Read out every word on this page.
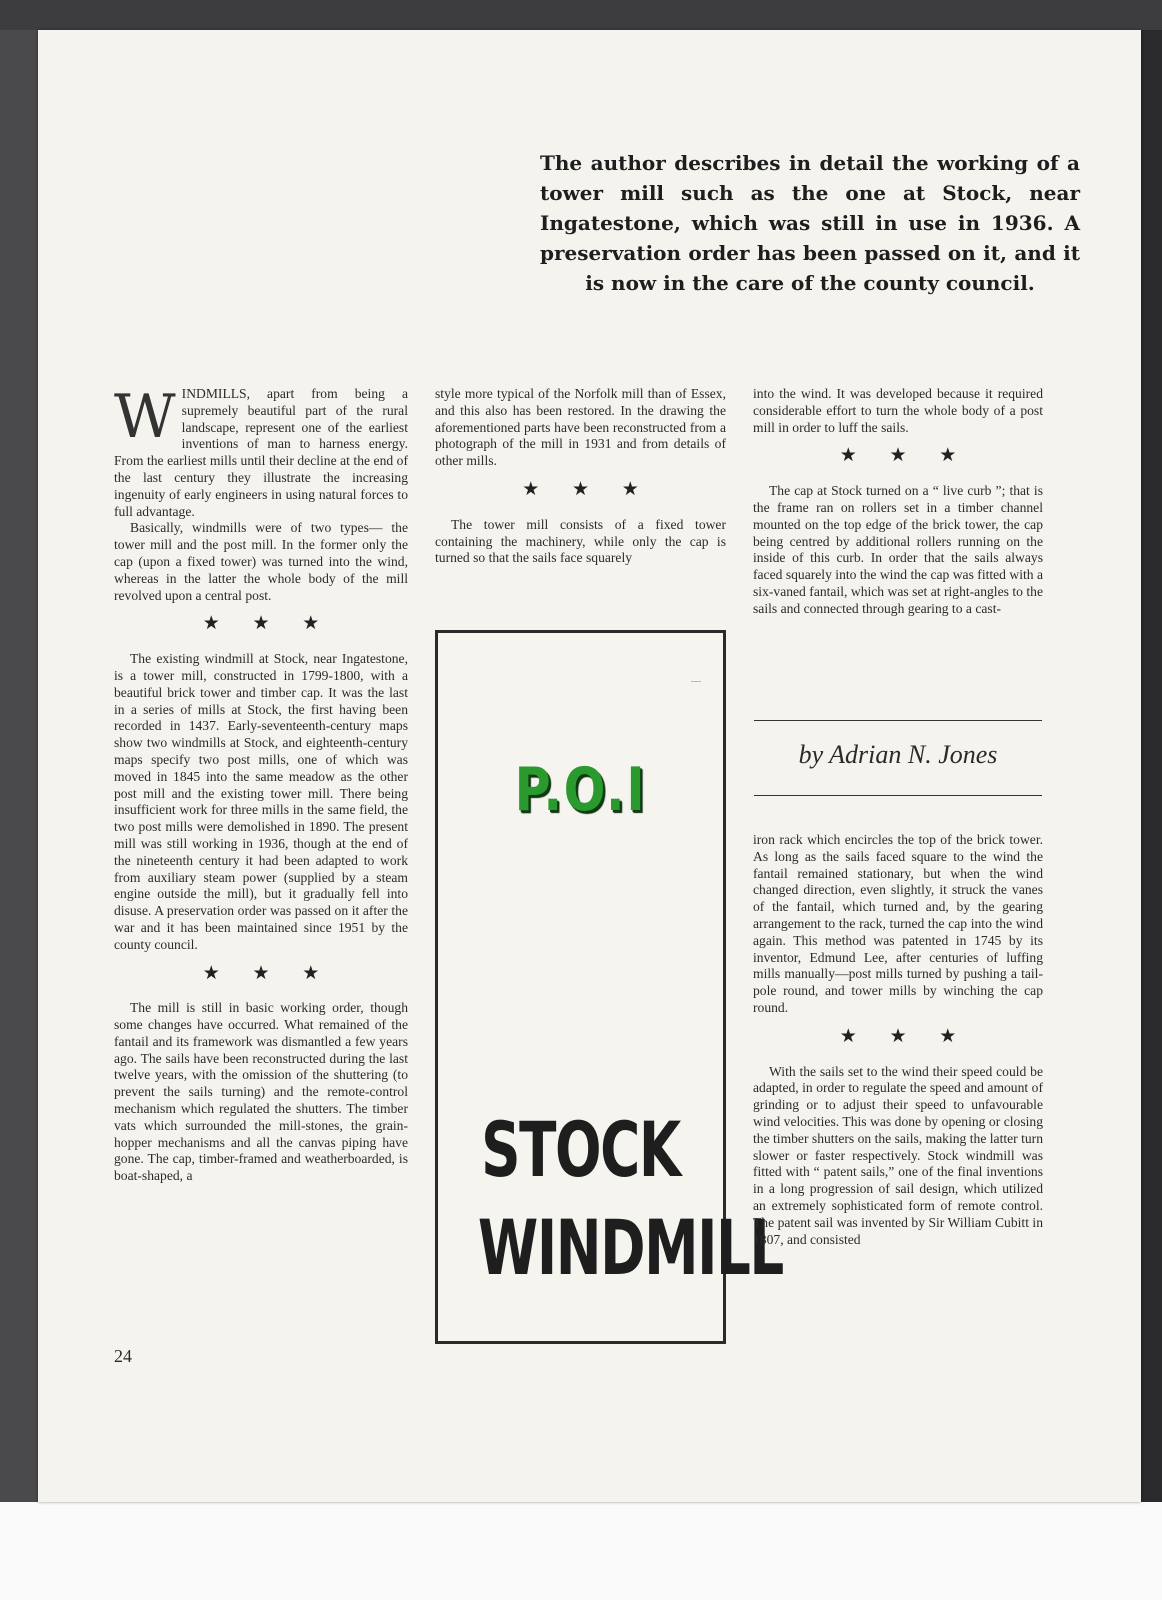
The author describes in detail the working of a tower mill such as the one at Stock, near Ingatestone, which was still in use in 1936. A preservation order has been passed on it, and it is now in the care of the county council.

WINDMILLS, apart from being a supremely beautiful part of the rural landscape, represent one of the earliest inventions of man to harness energy. From the earliest mills until their decline at the end of the last century they illustrate the increasing ingenuity of early engineers in using natural forces to full advantage.

Basically, windmills were of two types— the tower mill and the post mill. In the former only the cap (upon a fixed tower) was turned into the wind, whereas in the latter the whole body of the mill revolved upon a central post.

★ ★ ★

The existing windmill at Stock, near Ingatestone, is a tower mill, constructed in 1799-1800, with a beautiful brick tower and timber cap. It was the last in a series of mills at Stock, the first having been recorded in 1437. Early-seventeenth-century maps show two windmills at Stock, and eighteenth-century maps specify two post mills, one of which was moved in 1845 into the same meadow as the other post mill and the existing tower mill. There being insufficient work for three mills in the same field, the two post mills were demolished in 1890. The present mill was still working in 1936, though at the end of the nineteenth century it had been adapted to work from auxiliary steam power (supplied by a steam engine outside the mill), but it gradually fell into disuse. A preservation order was passed on it after the war and it has been maintained since 1951 by the county council.

★ ★ ★

The mill is still in basic working order, though some changes have occurred. What remained of the fantail and its framework was dismantled a few years ago. The sails have been reconstructed during the last twelve years, with the omission of the shuttering (to prevent the sails turning) and the remote-control mechanism which regulated the shutters. The timber vats which surrounded the mill-stones, the grain-hopper mechanisms and all the canvas piping have gone. The cap, timber-framed and weatherboarded, is boat-shaped, a

style more typical of the Norfolk mill than of Essex, and this also has been restored. In the drawing the aforementioned parts have been reconstructed from a photograph of the mill in 1931 and from details of other mills.

★ ★ ★

The tower mill consists of a fixed tower containing the machinery, while only the cap is turned so that the sails face squarely

P.O.I
STOCK
WINDMILL

into the wind. It was developed because it required considerable effort to turn the whole body of a post mill in order to luff the sails.

★ ★ ★

The cap at Stock turned on a “ live curb ”; that is the frame ran on rollers set in a timber channel mounted on the top edge of the brick tower, the cap being centred by additional rollers running on the inside of this curb. In order that the sails always faced squarely into the wind the cap was fitted with a six-vaned fantail, which was set at right-angles to the sails and connected through gearing to a cast-

by Adrian N. Jones

iron rack which encircles the top of the brick tower. As long as the sails faced square to the wind the fantail remained stationary, but when the wind changed direction, even slightly, it struck the vanes of the fantail, which turned and, by the gearing arrangement to the rack, turned the cap into the wind again. This method was patented in 1745 by its inventor, Edmund Lee, after centuries of luffing mills manually—post mills turned by pushing a tail-pole round, and tower mills by winching the cap round.

★ ★ ★

With the sails set to the wind their speed could be adapted, in order to regulate the speed and amount of grinding or to adjust their speed to unfavourable wind velocities. This was done by opening or closing the timber shutters on the sails, making the latter turn slower or faster respectively. Stock windmill was fitted with “ patent sails,” one of the final inventions in a long progression of sail design, which utilized an extremely sophisticated form of remote control. The patent sail was invented by Sir William Cubitt in 1807, and consisted

24
